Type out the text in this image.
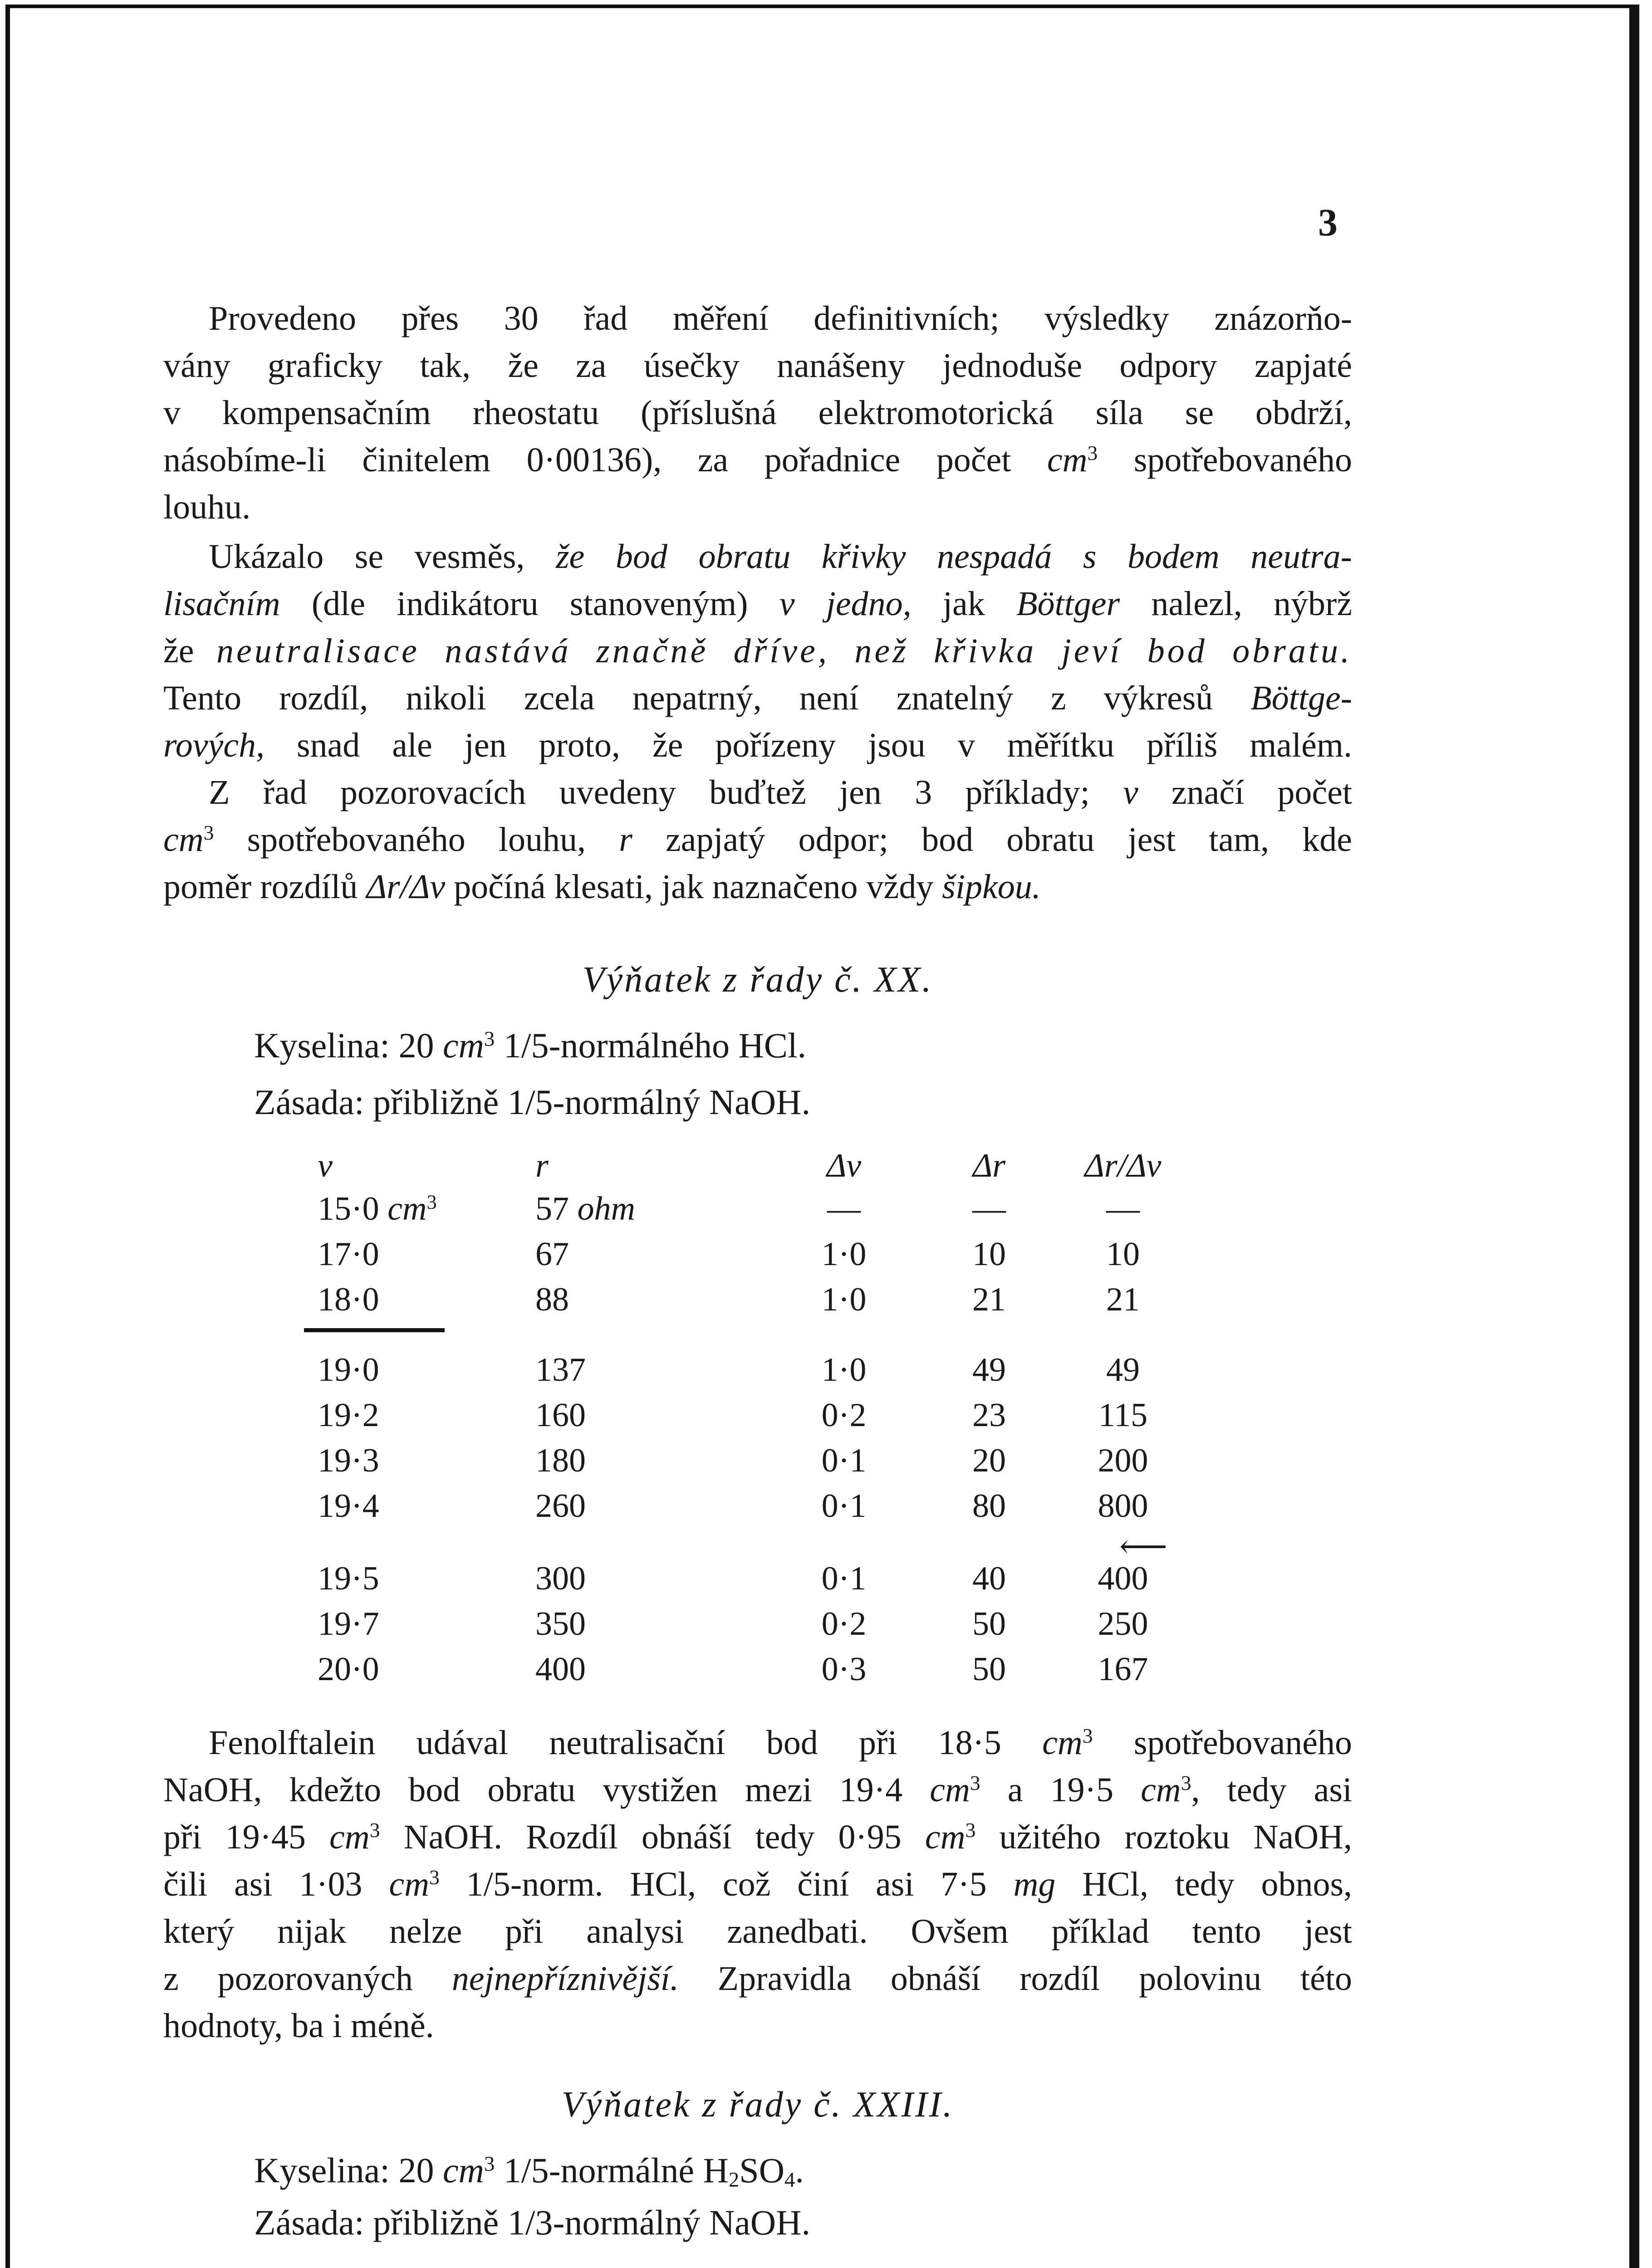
3
Provedeno přes 30 řad měření definitivních; výsledky znázorňo-
vány graficky tak, že za úsečky nanášeny jednoduše odpory zapjaté
v kompensačním rheostatu (příslušná elektromotorická síla se obdrží,
násobíme-li činitelem 0·00136), za pořadnice počet $cm^3$ spotřebovaného
louhu.
Ukázalo se vesměs, že bod obratu křivky nespadá s bodem neutra-
lisačním (dle indikátoru stanoveným) v jedno, jak Böttger nalezl, nýbrž
že neutralisace nastává značně dříve, než křivka jeví bod obratu.
Tento rozdíl, nikoli zcela nepatrný, není znatelný z výkresů Böttge-
rových, snad ale jen proto, že pořízeny jsou v měřítku příliš malém.
Z řad pozorovacích uvedeny buďtež jen 3 příklady; v značí počet
$cm^3$ spotřebovaného louhu, r zapjatý odpor; bod obratu jest tam, kde
poměr rozdílů Δr/Δv počíná klesati, jak naznačeno vždy šipkou.
Výňatek z řady č. XX.
Kyselina: 20 $cm^3$ 1/5-normálného HCl.
Zásada: přibližně 1/5-normálný NaOH.
v	r	Δv	Δr	Δr/Δv
15·0 $cm^3$	57 ohm	—	—	—
17·0	67	1·0	10	10
18·0	88	1·0	21	21
19·0	137	1·0	49	49
19·2	160	0·2	23	115
19·3	180	0·1	20	200
19·4	260	0·1	80	800
19·5	300	0·1	40	400
19·7	350	0·2	50	250
20·0	400	0·3	50	167
⟵
Fenolftalein udával neutralisační bod při 18·5 $cm^3$ spotřebovaného
NaOH, kdežto bod obratu vystižen mezi 19·4 $cm^3$ a 19·5 $cm^3$, tedy asi
při 19·45 $cm^3$ NaOH. Rozdíl obnáší tedy 0·95 $cm^3$ užitého roztoku NaOH,
čili asi 1·03 $cm^3$ 1/5-norm. HCl, což činí asi 7·5 mg HCl, tedy obnos,
který nijak nelze při analysi zanedbati. Ovšem příklad tento jest
z pozorovaných nejnepříznivější. Zpravidla obnáší rozdíl polovinu této
hodnoty, ba i méně.
Výňatek z řady č. XXIII.
Kyselina: 20 $cm^3$ 1/5-normálné $H_2SO_4$.
Zásada: přibližně 1/3-normálný NaOH.
